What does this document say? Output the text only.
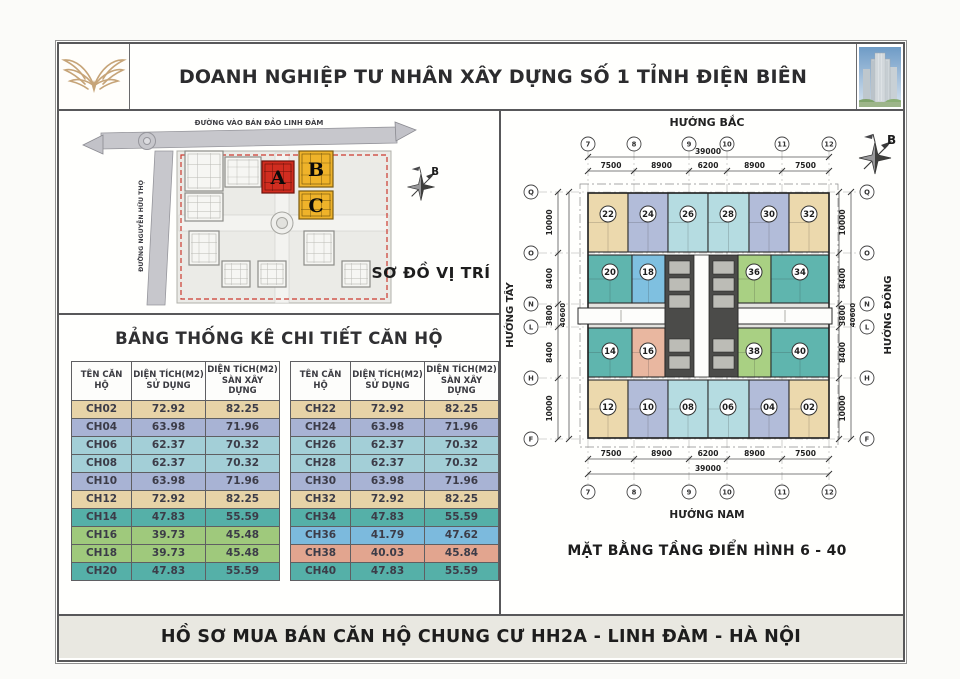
DOANH NGHIỆP TƯ NHÂN XÂY DỰNG SỐ 1 TỈNH ĐIỆN BIÊN
A B
C
ĐƯỜNG VÀO BÁN ĐẢO LINH ĐÀM
ĐƯỜNG NGUYỄN HỮU THỌ
B
SƠ ĐỒ VỊ TRÍ
BẢNG THỐNG KÊ CHI TIẾT CĂN HỘ
TÊN CĂN HỘ	DIỆN TÍCH(M2) SỬ DỤNG	DIỆN TÍCH(M2) SÀN XÂY DỰNG
CH02	72.92	82.25
CH04	63.98	71.96
CH06	62.37	70.32
CH08	62.37	70.32
CH10	63.98	71.96
CH12	72.92	82.25
CH14	47.83	55.59
CH16	39.73	45.48
CH18	39.73	45.48
CH20	47.83	55.59
TÊN CĂN HỘ	DIỆN TÍCH(M2) SỬ DỤNG	DIỆN TÍCH(M2) SÀN XÂY DỰNG
CH22	72.92	82.25
CH24	63.98	71.96
CH26	62.37	70.32
CH28	62.37	70.32
CH30	63.98	71.96
CH32	72.92	82.25
CH34	47.83	55.59
CH36	41.79	47.62
CH38	40.03	45.84
CH40	47.83	55.59
22	24	26	28	30	32
20	18	36	34
14	16	38	40
12	10	08	06	04	02
7500
7500
8900
8900
6200
6200
8900
8900
7500
7500
10000	10000
8400	8400
3800	3800
8400	8400
10000	10000
7
7
8
8
9
9
10
10
11
11
12
12
Q	Q
O	O
N	N
L	L
H	H
F	F
HƯỚNG BẮC
HƯỚNG NAM
HƯỚNG TÂY	HƯỚNG ĐÔNG
39000
39000
40600	40600
MẶT BẰNG TẦNG ĐIỂN HÌNH 6 - 40
B
HỒ SƠ MUA BÁN CĂN HỘ CHUNG CƯ HH2A - LINH ĐÀM - HÀ NỘI
